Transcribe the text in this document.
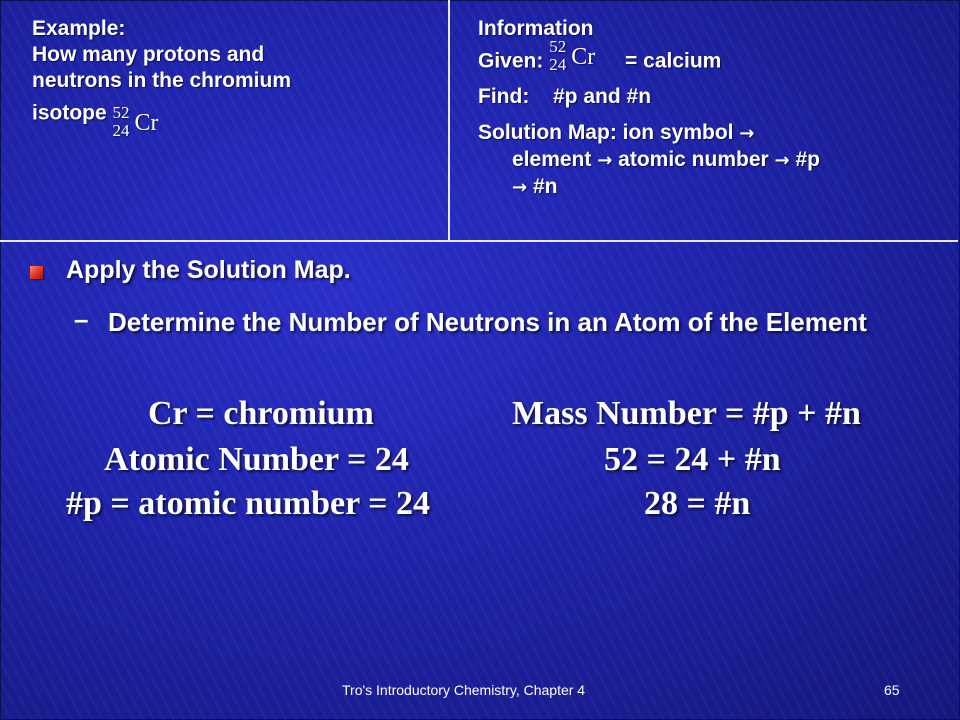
Example:
How many protons and
neutrons in the chromium
isotope 52
24 Cr
Information
Given:
52
24 Cr = calcium
Find: #p and #n
Solution Map: ion symbol →
element → atomic number → #p
→ #n
Apply the Solution Map.
– Determine the Number of Neutrons in an Atom of the Element
Cr = chromium
Atomic Number = 24
#p = atomic number = 24
Mass Number = #p + #n
52 = 24 + #n
28 = #n
Tro's Introductory Chemistry, Chapter 4	65
